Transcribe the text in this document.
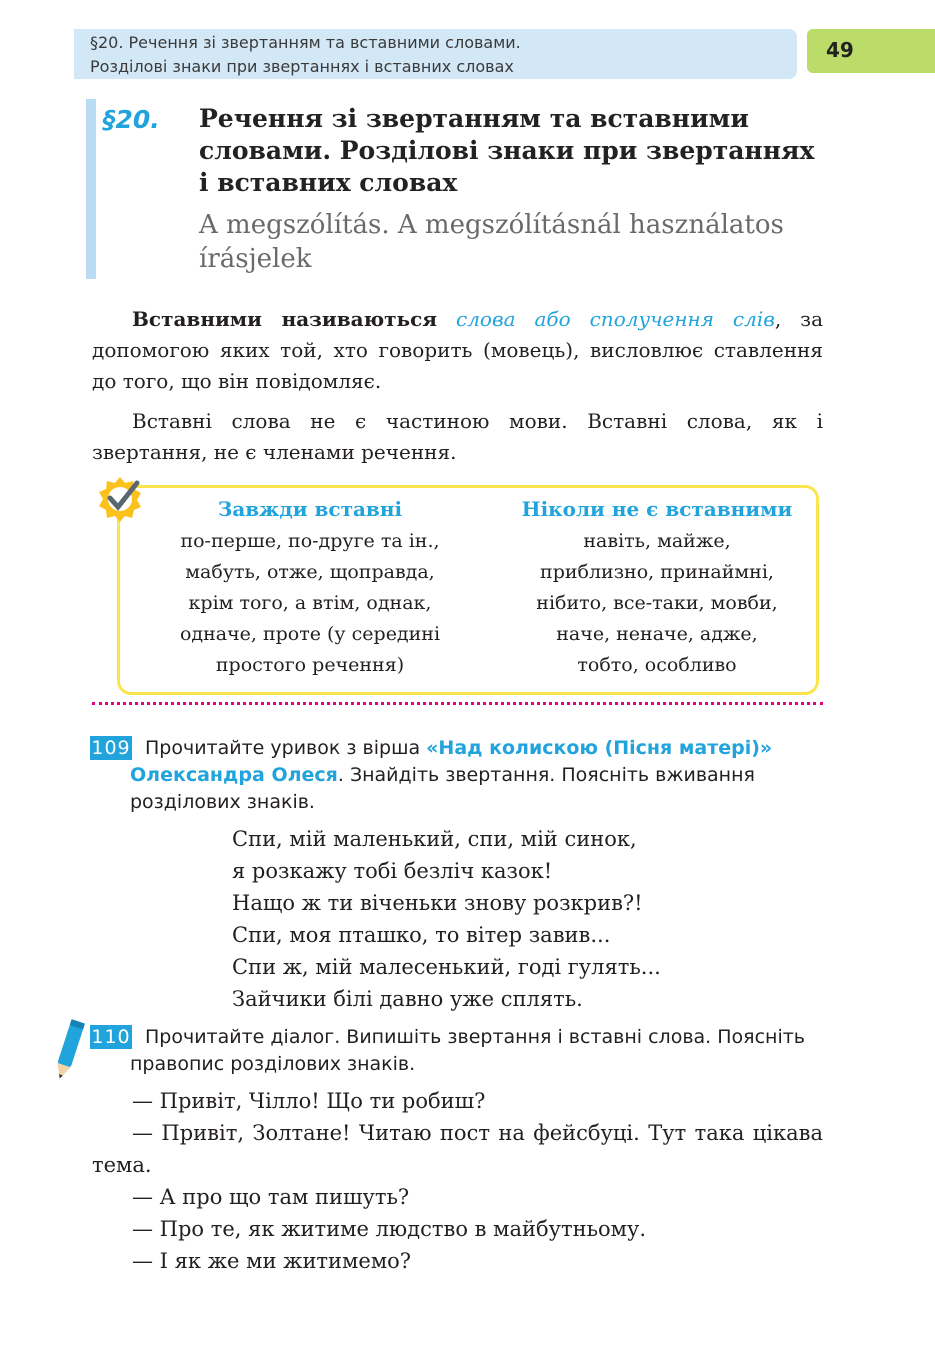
§20. Речення зі звертанням та вставними словами.
Розділові знаки при звертаннях і вставних словах
49
§20. Речення зі звертанням та вставними
словами. Розділові знаки при звертаннях
і вставних словах
A megszólítás. A megszólításnál használatos
írásjelek
Вставними називаються слова або сполучення слів, за допомогою яких той, хто говорить (мовець), висловлює ставлення до того, що він повідомляє.
Вставні слова не є частиною мови. Вставні слова, як і звертання, не є членами речення.
Завжди вставні
по-перше, по-друге та ін.,
мабуть, отже, щоправда,
крім того, а втім, однак,
одначе, проте (у середині
простого речення)
Ніколи не є вставними
навіть, майже,
приблизно, принаймні,
нібито, все-таки, мовби,
наче, неначе, адже,
тобто, особливо
109 Прочитайте уривок з вірша «Над колискою (Пісня матері)» Олександра Олеся. Знайдіть звертання. Поясніть вживання розділових знаків.
Спи, мій маленький, спи, мій синок,
я розкажу тобі безліч казок!
Нащо ж ти віченьки знову розкрив?!
Спи, моя пташко, то вітер завив...
Спи ж, мій малесенький, годі гулять...
Зайчики білі давно уже сплять.
110 Прочитайте діалог. Випишіть звертання і вставні слова. Поясніть правопис розділових знаків.
— Привіт, Чілло! Що ти робиш?
— Привіт, Золтане! Читаю пост на фейсбуці. Тут така цікава тема.
— А про що там пишуть?
— Про те, як житиме людство в майбутньому.
— І як же ми житимемо?
